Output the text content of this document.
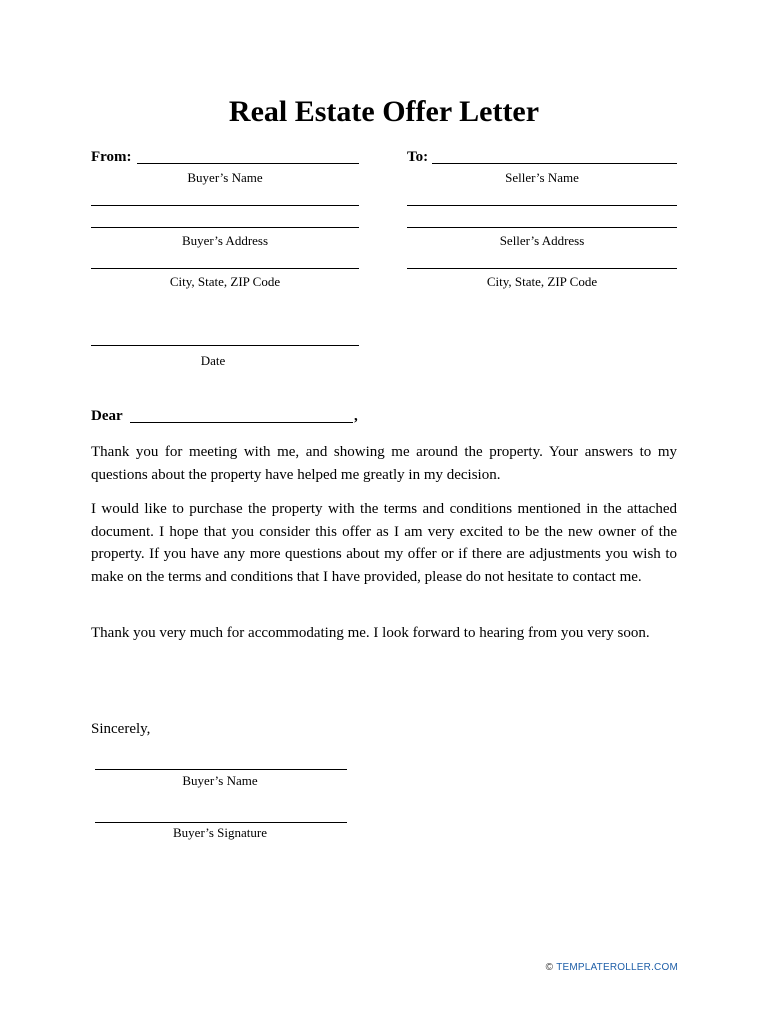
Real Estate Offer Letter
From:
Buyer’s Name
Buyer’s Address
City, State, ZIP Code
To:
Seller’s Name
Seller’s Address
City, State, ZIP Code
Date
Dear	,

Thank you for meeting with me, and showing me around the property. Your answers to my questions about the property have helped me greatly in my decision.

I would like to purchase the property with the terms and conditions mentioned in the attached document. I hope that you consider this offer as I am very excited to be the new owner of the property. If you have any more questions about my offer or if there are adjustments you wish to make on the terms and conditions that I have provided, please do not hesitate to contact me.

Thank you very much for accommodating me. I look forward to hearing from you very soon.

Sincerely,
Buyer’s Name
Buyer’s Signature
© TEMPLATEROLLER.COM
